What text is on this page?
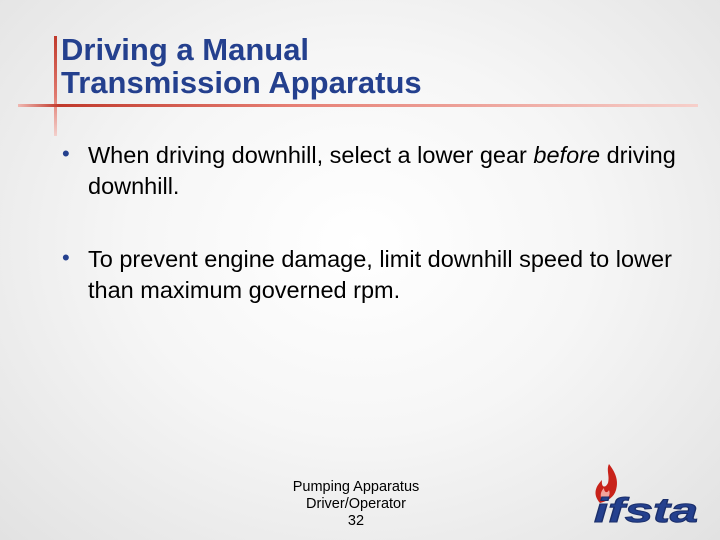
Driving a Manual
Transmission Apparatus
• When driving downhill, select a lower gear before driving downhill.
• To prevent engine damage, limit downhill speed to lower than maximum governed rpm.
Pumping Apparatus
Driver/Operator
32	ifsta
